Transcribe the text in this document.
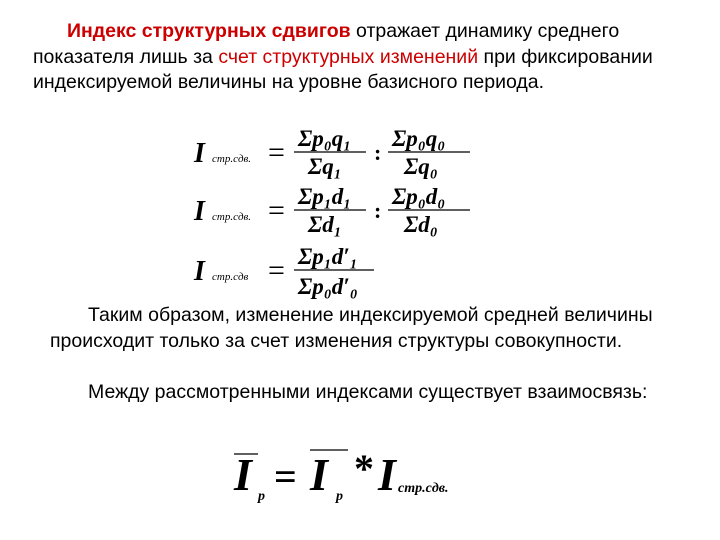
Индекс структурных сдвигов отражает динамику среднего показателя лишь за счет структурных изменений при фиксировании индексируемой величины на уровне базисного периода.

I стр.сдв. = Σp₀q₁
Σq₁
:
Σp₀q₀
Σq₀
I стр.сдв. = Σp₁d₁
Σd₁
:
Σp₀d₀
Σd₀
I стр.сдв = Σp₁d′₁
Σp₀d′₀

Таким образом, изменение индексируемой средней величины происходит только за счет изменения структуры совокупности.

Между рассмотренными индексами существует взаимосвязь:

I p = I p
* I стр.сдв.
